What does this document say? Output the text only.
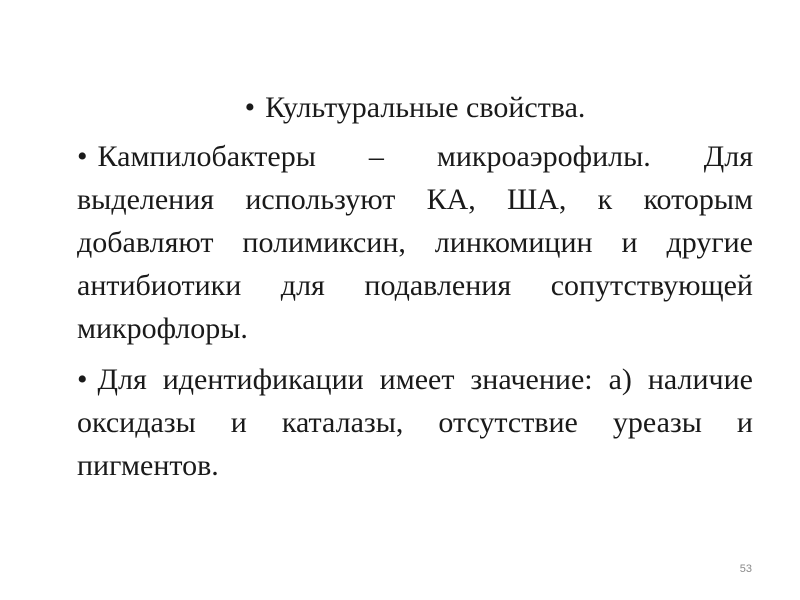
• Культуральные свойства.

• Кампилобактеры – микроаэрофилы. Для выделения используют КА, ША, к которым добавляют полимиксин, линкомицин и другие антибиотики для подавления сопутствующей микрофлоры.

• Для идентификации имеет значение: а) наличие оксидазы и каталазы, отсутствие уреазы и пигментов.

53
